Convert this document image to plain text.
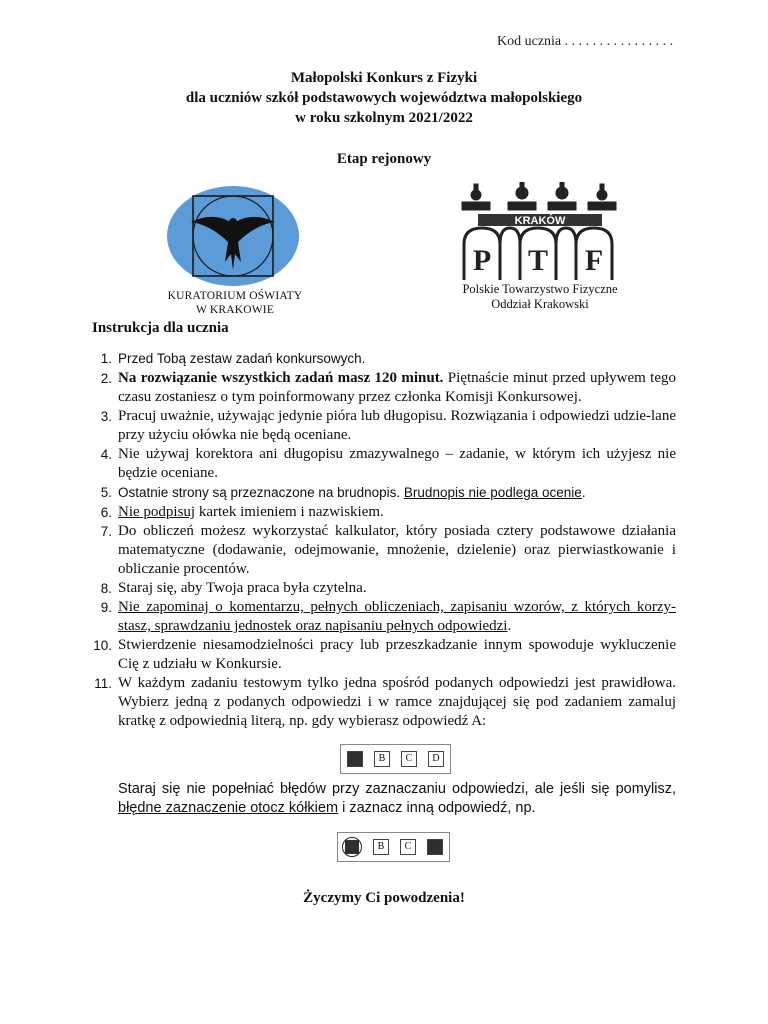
Kod ucznia . . . . . . . . . . . . . . . .
Małopolski Konkurs z Fizyki
dla uczniów szkół podstawowych województwa małopolskiego
w roku szkolnym 2021/2022
Etap rejonowy
KURATORIUM OŚWIATY
W KRAKOWIE
KRAKÓW
P T F
Polskie Towarzystwo Fizyczne
Oddział Krakowski
Instrukcja dla ucznia
1. Przed Tobą zestaw zadań konkursowych.
2. Na rozwiązanie wszystkich zadań masz 120 minut. Piętnaście minut przed upływem tego czasu zostaniesz o tym poinformowany przez członka Komisji Konkursowej.
3. Pracuj uważnie, używając jedynie pióra lub długopisu. Rozwiązania i odpowiedzi udzie-lane przy użyciu ołówka nie będą oceniane.
4. Nie używaj korektora ani długopisu zmazywalnego – zadanie, w którym ich użyjesz nie będzie oceniane.
5. Ostatnie strony są przeznaczone na brudnopis. Brudnopis nie podlega ocenie.
6. Nie podpisuj kartek imieniem i nazwiskiem.
7. Do obliczeń możesz wykorzystać kalkulator, który posiada cztery podstawowe działania matematyczne (dodawanie, odejmowanie, mnożenie, dzielenie) oraz pierwiastkowanie i obliczanie procentów.
8. Staraj się, aby Twoja praca była czytelna.
9. Nie zapominaj o komentarzu, pełnych obliczeniach, zapisaniu wzorów, z których korzy-stasz, sprawdzaniu jednostek oraz napisaniu pełnych odpowiedzi.
10. Stwierdzenie niesamodzielności pracy lub przeszkadzanie innym spowoduje wykluczenie Cię z udziału w Konkursie.
11. W każdym zadaniu testowym tylko jedna spośród podanych odpowiedzi jest prawidłowa. Wybierz jedną z podanych odpowiedzi i w ramce znajdującej się pod zadaniem zamaluj kratkę z odpowiednią literą, np. gdy wybierasz odpowiedź A:
B	C	D
Staraj się nie popełniać błędów przy zaznaczaniu odpowiedzi, ale jeśli się pomylisz, błędne zaznaczenie otocz kółkiem i zaznacz inną odpowiedź, np.
B	C
Życzymy Ci powodzenia!
